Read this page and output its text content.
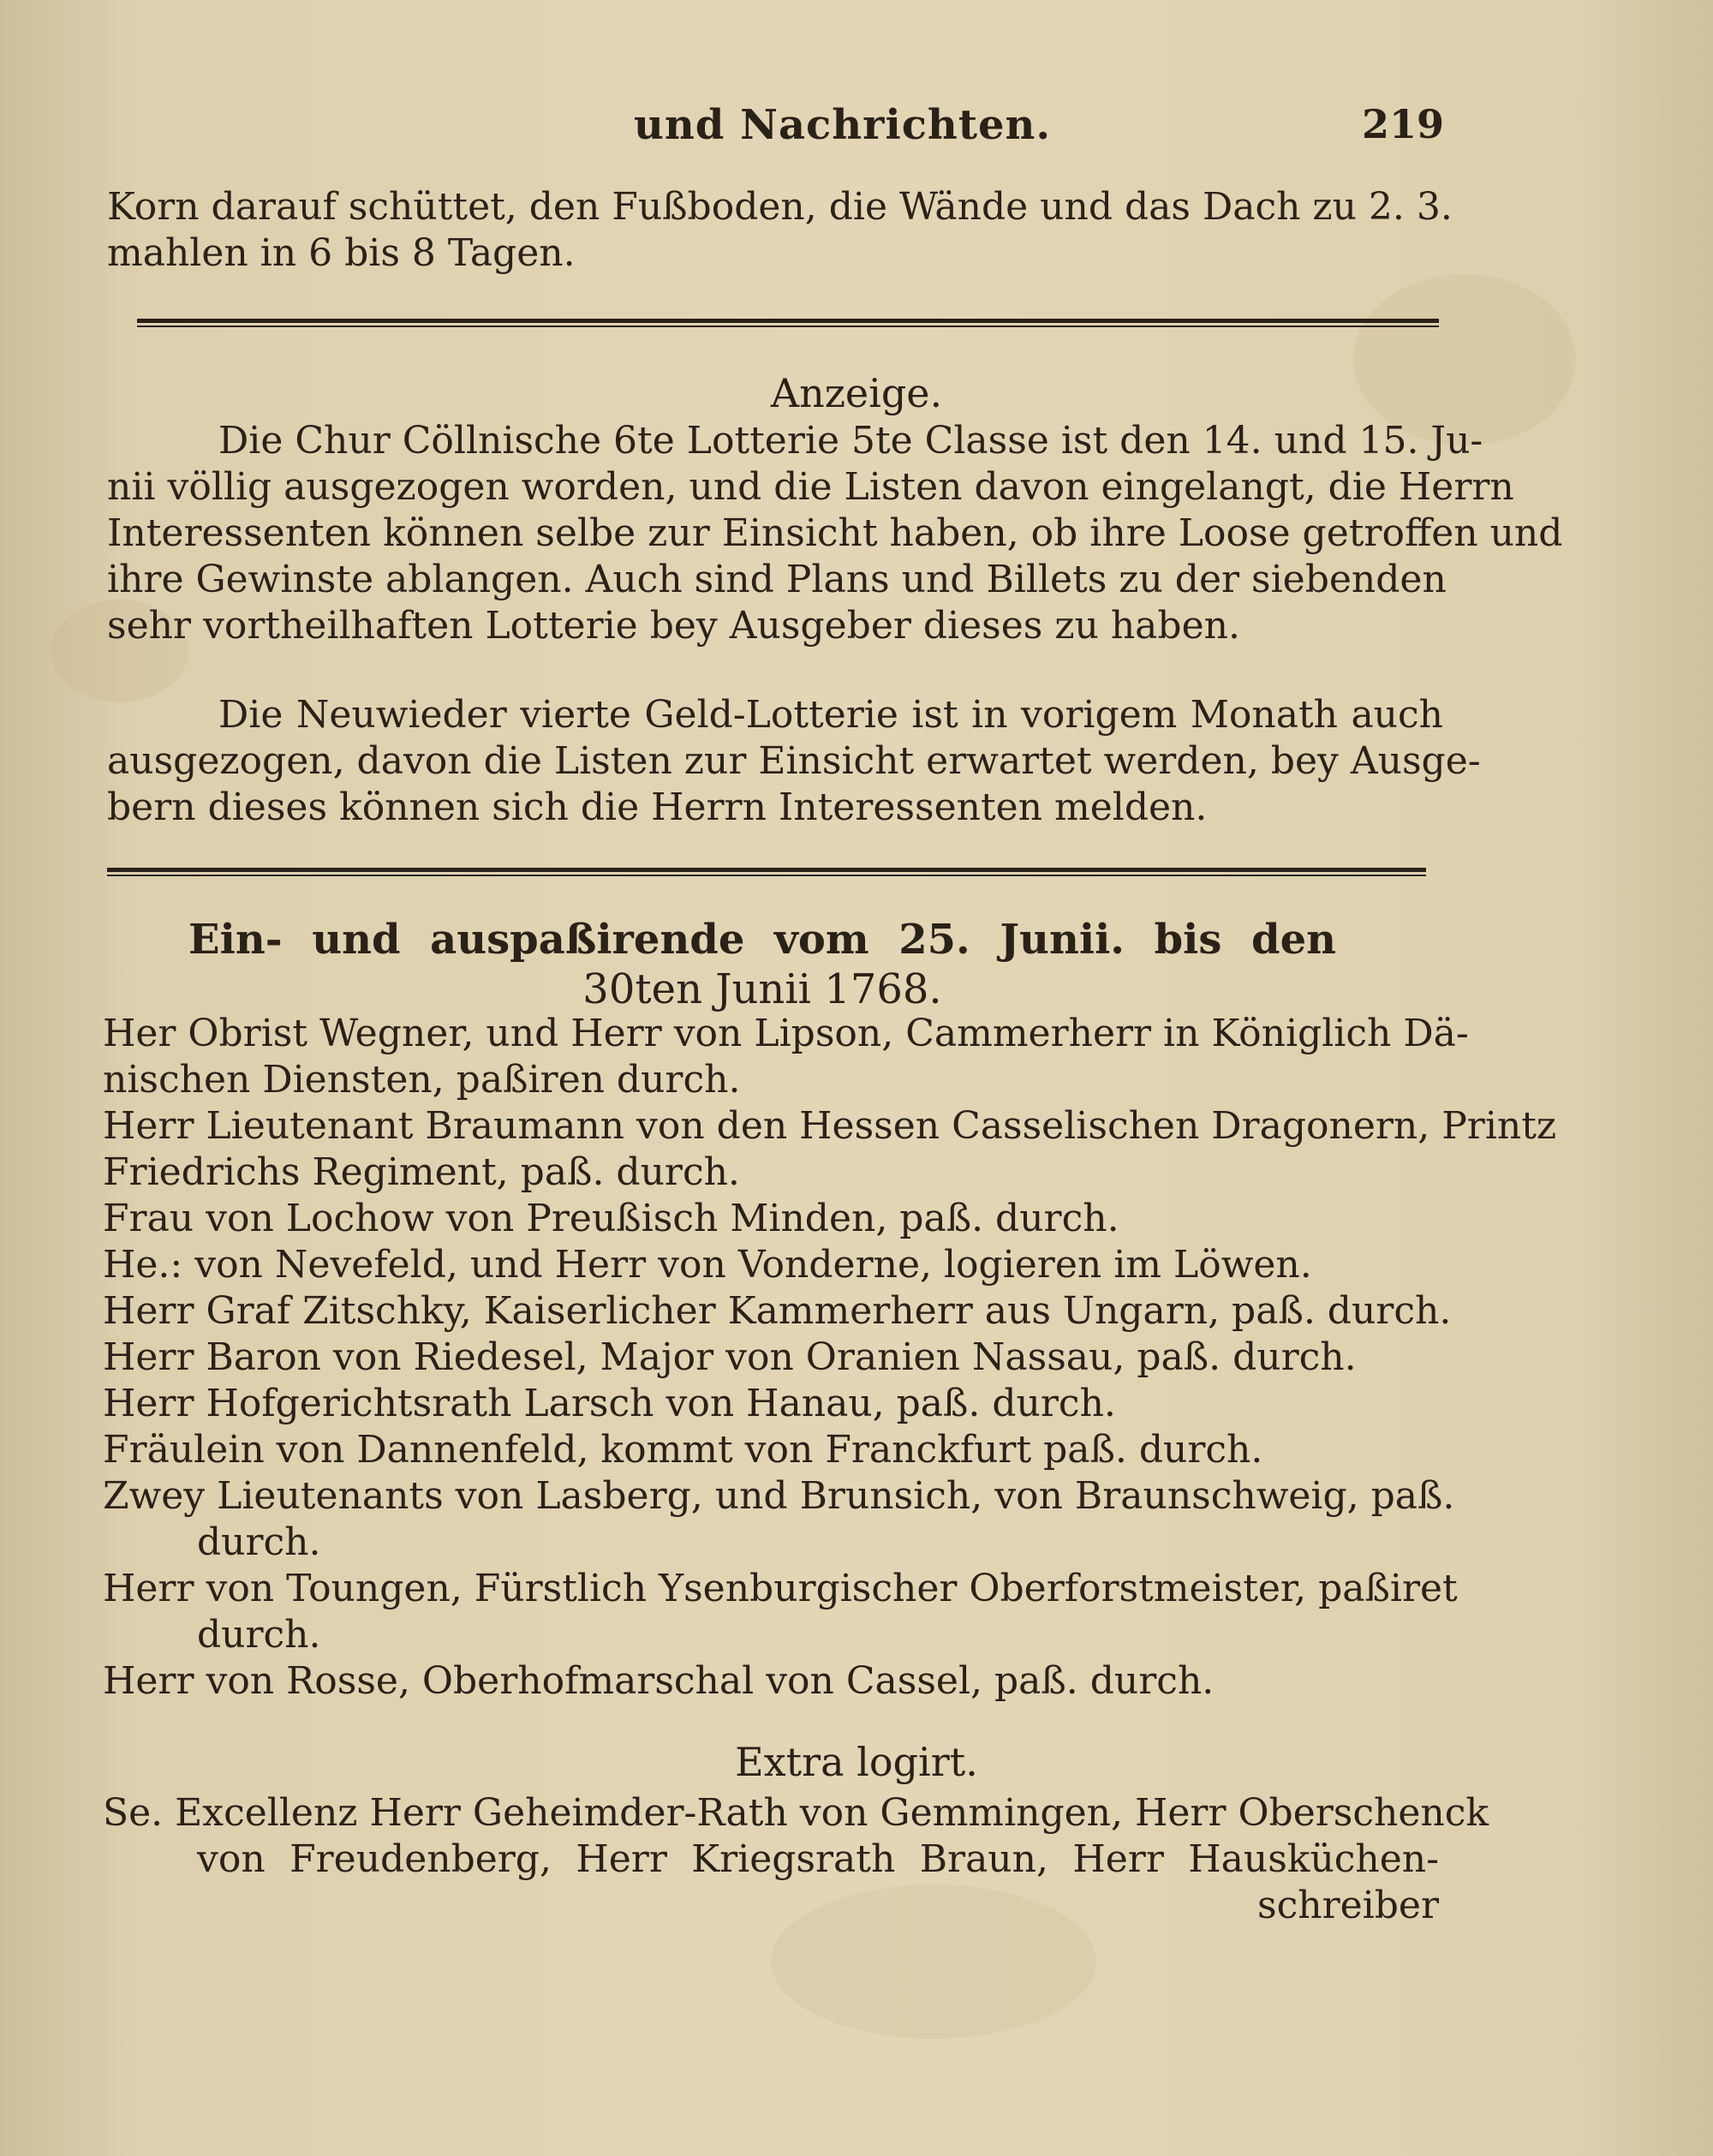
und Nachrichten.	219
Korn darauf schüttet, den Fußboden, die Wände und das Dach zu 2. 3.
mahlen in 6 bis 8 Tagen.
Anzeige.
Die Chur Cöllnische 6te Lotterie 5te Classe ist den 14. und 15. Ju-
nii völlig ausgezogen worden, und die Listen davon eingelangt, die Herrn
Interessenten können selbe zur Einsicht haben, ob ihre Loose getroffen und
ihre Gewinste ablangen. Auch sind Plans und Billets zu der siebenden
sehr vortheilhaften Lotterie bey Ausgeber dieses zu haben.
Die Neuwieder vierte Geld-Lotterie ist in vorigem Monath auch
ausgezogen, davon die Listen zur Einsicht erwartet werden, bey Ausge-
bern dieses können sich die Herrn Interessenten melden.
Ein- und auspaßirende vom 25. Junii. bis den
30ten Junii 1768.
Her Obrist Wegner, und Herr von Lipson, Cammerherr in Königlich Dä-
nischen Diensten, paßiren durch.
Herr Lieutenant Braumann von den Hessen Casselischen Dragonern, Printz
Friedrichs Regiment, paß. durch.
Frau von Lochow von Preußisch Minden, paß. durch.
He.: von Nevefeld, und Herr von Vonderne, logieren im Löwen.
Herr Graf Zitschky, Kaiserlicher Kammerherr aus Ungarn, paß. durch.
Herr Baron von Riedesel, Major von Oranien Nassau, paß. durch.
Herr Hofgerichtsrath Larsch von Hanau, paß. durch.
Fräulein von Dannenfeld, kommt von Franckfurt paß. durch.
Zwey Lieutenants von Lasberg, und Brunsich, von Braunschweig, paß.
durch.
Herr von Toungen, Fürstlich Ysenburgischer Oberforstmeister, paßiret
durch.
Herr von Rosse, Oberhofmarschal von Cassel, paß. durch.
Extra logirt.
Se. Excellenz Herr Geheimder-Rath von Gemmingen, Herr Oberschenck
von Freudenberg, Herr Kriegsrath Braun, Herr Hausküchen-
schreiber
